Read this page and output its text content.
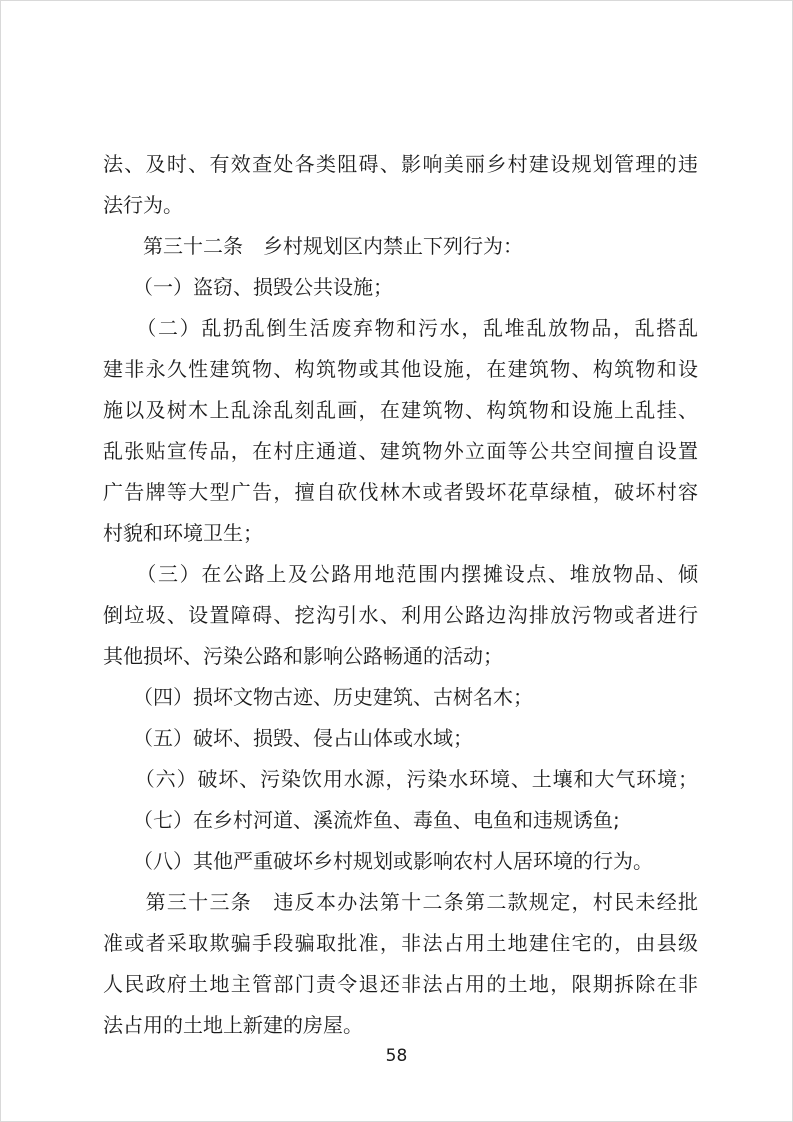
法、及时、有效查处各类阻碍、影响美丽乡村建设规划管理的违
法行为。
　　第三十二条　乡村规划区内禁止下列行为：
　　（一）盗窃、损毁公共设施；
　　（二）乱扔乱倒生活废弃物和污水，乱堆乱放物品，乱搭乱
建非永久性建筑物、构筑物或其他设施，在建筑物、构筑物和设
施以及树木上乱涂乱刻乱画，在建筑物、构筑物和设施上乱挂、
乱张贴宣传品，在村庄通道、建筑物外立面等公共空间擅自设置
广告牌等大型广告，擅自砍伐林木或者毁坏花草绿植，破坏村容
村貌和环境卫生；
　　（三）在公路上及公路用地范围内摆摊设点、堆放物品、倾
倒垃圾、设置障碍、挖沟引水、利用公路边沟排放污物或者进行
其他损坏、污染公路和影响公路畅通的活动；
　　（四）损坏文物古迹、历史建筑、古树名木；
　　（五）破坏、损毁、侵占山体或水域；
　　（六）破坏、污染饮用水源，污染水环境、土壤和大气环境；
　　（七）在乡村河道、溪流炸鱼、毒鱼、电鱼和违规诱鱼;
　　（八）其他严重破坏乡村规划或影响农村人居环境的行为。
　　第三十三条　违反本办法第十二条第二款规定，村民未经批
准或者采取欺骗手段骗取批准，非法占用土地建住宅的，由县级
人民政府土地主管部门责令退还非法占用的土地，限期拆除在非
法占用的土地上新建的房屋。
58
